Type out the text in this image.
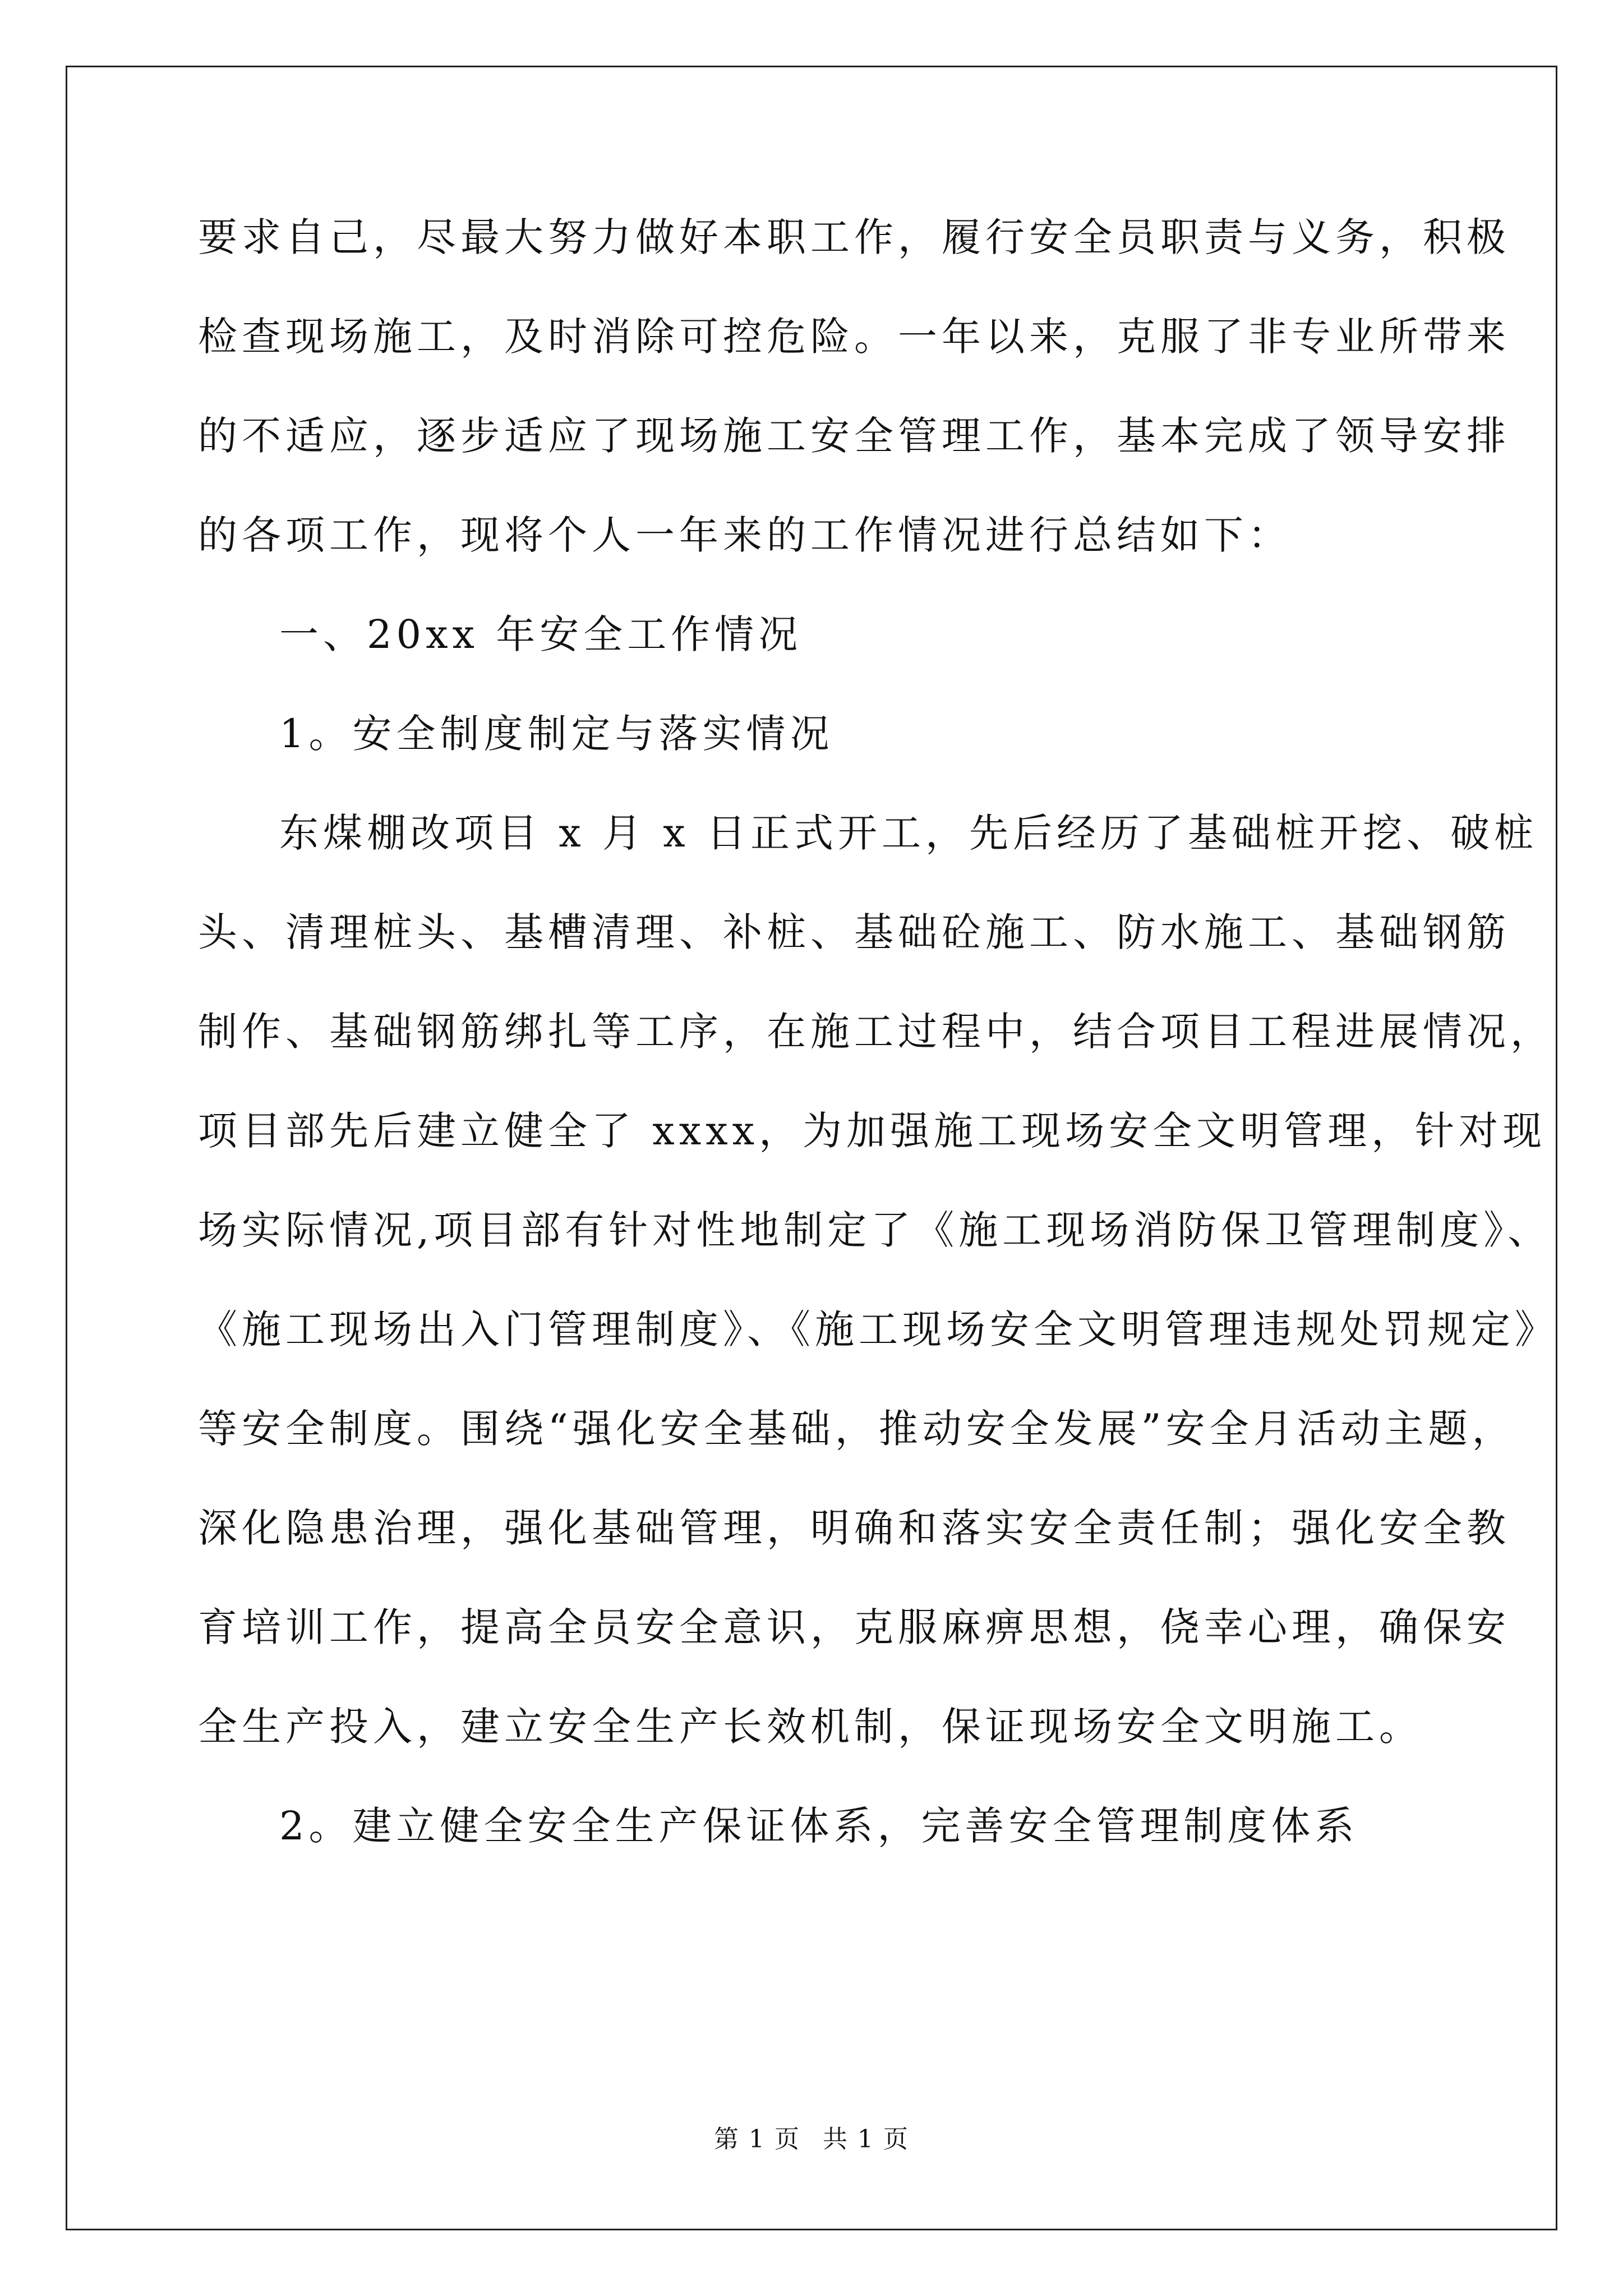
要求自己，尽最大努力做好本职工作，履行安全员职责与义务，积极
检查现场施工，及时消除可控危险。一年以来，克服了非专业所带来
的不适应，逐步适应了现场施工安全管理工作，基本完成了领导安排
的各项工作，现将个人一年来的工作情况进行总结如下：
一、20xx 年安全工作情况
1。安全制度制定与落实情况
东煤棚改项目 x 月 x 日正式开工，先后经历了基础桩开挖、破桩
头、清理桩头、基槽清理、补桩、基础砼施工、防水施工、基础钢筋
制作、基础钢筋绑扎等工序，在施工过程中，结合项目工程进展情况，
项目部先后建立健全了 xxxx，为加强施工现场安全文明管理，针对现
场实际情况,项目部有针对性地制定了《施工现场消防保卫管理制度》、
《施工现场出入门管理制度》、《施工现场安全文明管理违规处罚规定》
等安全制度。围绕“强化安全基础，推动安全发展”安全月活动主题，
深化隐患治理，强化基础管理，明确和落实安全责任制；强化安全教
育培训工作，提高全员安全意识，克服麻痹思想，侥幸心理，确保安
全生产投入，建立安全生产长效机制，保证现场安全文明施工。
2。建立健全安全生产保证体系，完善安全管理制度体系
第 1 页 共 1 页
